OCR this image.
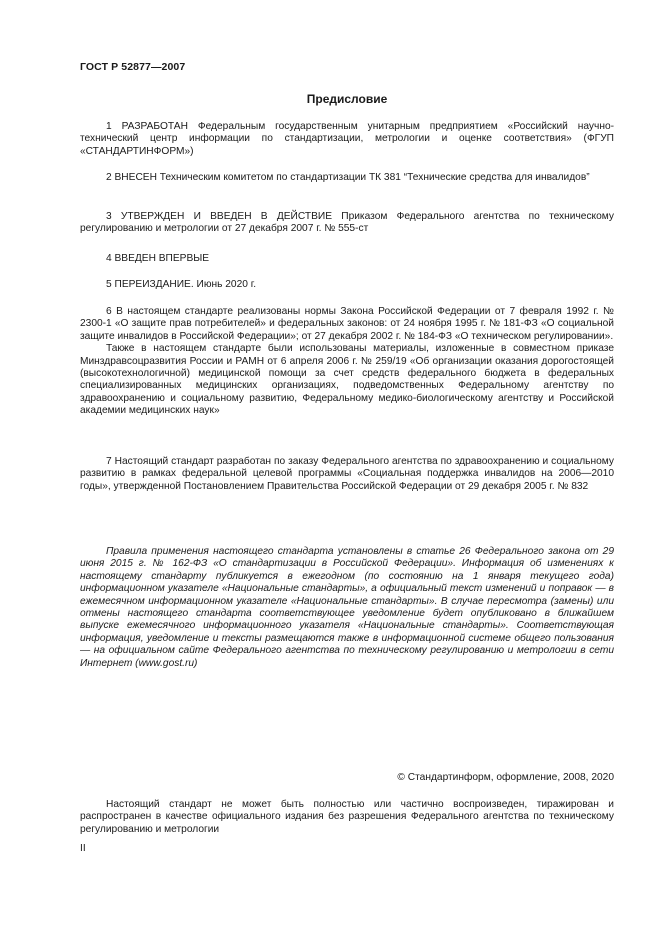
ГОСТ Р 52877—2007
Предисловие

1 РАЗРАБОТАН Федеральным государственным унитарным предприятием «Российский научно-технический центр информации по стандартизации, метрологии и оценке соответствия» (ФГУП «СТАНДАРТИНФОРМ»)

2 ВНЕСЕН Техническим комитетом по стандартизации ТК 381 “Технические средства для инвалидов”

3 УТВЕРЖДЕН И ВВЕДЕН В ДЕЙСТВИЕ Приказом Федерального агентства по техническому регулированию и метрологии от 27 декабря 2007 г. № 555-ст

4 ВВЕДЕН ВПЕРВЫЕ

5 ПЕРЕИЗДАНИЕ. Июнь 2020 г.

6 В настоящем стандарте реализованы нормы Закона Российской Федерации от 7 февраля 1992 г. № 2300-1 «О защите прав потребителей» и федеральных законов: от 24 ноября 1995 г. № 181-ФЗ «О социальной защите инвалидов в Российской Федерации»; от 27 декабря 2002 г. № 184-ФЗ «О техническом регулировании».

Также в настоящем стандарте были использованы материалы, изложенные в совместном приказе Минздравсоцразвития России и РАМН от 6 апреля 2006 г. № 259/19 «Об организации оказания дорогостоящей (высокотехнологичной) медицинской помощи за счет средств федерального бюджета в федеральных специализированных медицинских организациях, подведомственных Федеральному агентству по здравоохранению и социальному развитию, Федеральному медико-биологическому агентству и Российской академии медицинских наук»

7 Настоящий стандарт разработан по заказу Федерального агентства по здравоохранению и социальному развитию в рамках федеральной целевой программы «Социальная поддержка инвалидов на 2006—2010 годы», утвержденной Постановлением Правительства Российской Федерации от 29 декабря 2005 г. № 832

Правила применения настоящего стандарта установлены в статье 26 Федерального закона от 29 июня 2015 г. № 162-ФЗ «О стандартизации в Российской Федерации». Информация об изменениях к настоящему стандарту публикуется в ежегодном (по состоянию на 1 января текущего года) информационном указателе «Национальные стандарты», а официальный текст изменений и поправок — в ежемесячном информационном указателе «Национальные стандарты». В случае пересмотра (замены) или отмены настоящего стандарта соответствующее уведомление будет опубликовано в ближайшем выпуске ежемесячного информационного указателя «Национальные стандарты». Соответствующая информация, уведомление и тексты размещаются также в информационной системе общего пользования — на официальном сайте Федерального агентства по техническому регулированию и метрологии в сети Интернет (www.gost.ru)

© Стандартинформ, оформление, 2008, 2020

Настоящий стандарт не может быть полностью или частично воспроизведен, тиражирован и распространен в качестве официального издания без разрешения Федерального агентства по техническому регулированию и метрологии

II
